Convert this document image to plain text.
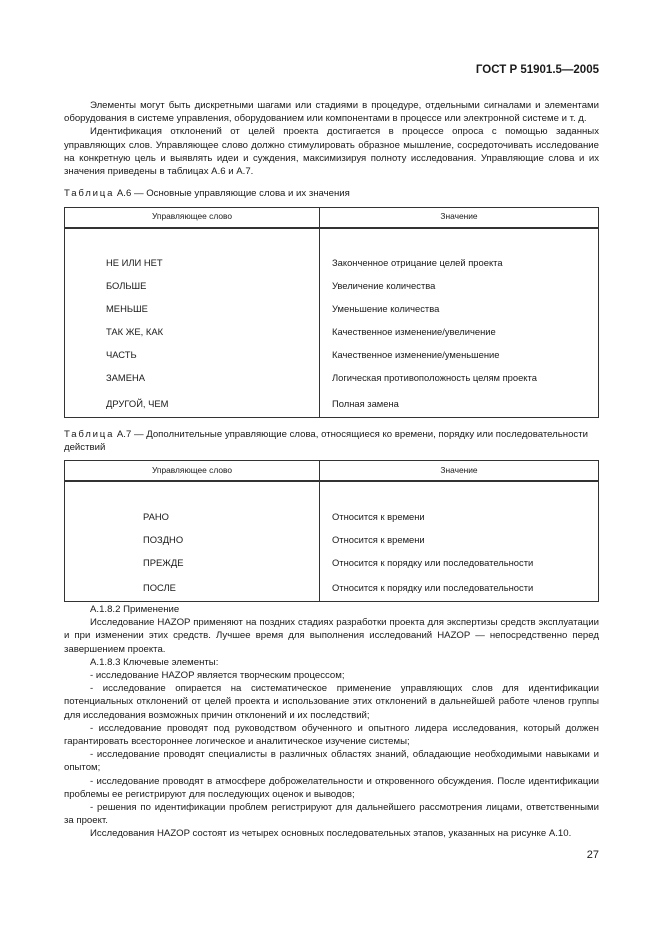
ГОСТ Р 51901.5—2005

Элементы могут быть дискретными шагами или стадиями в процедуре, отдельными сигналами и элементами оборудования в системе управления, оборудованием или компонентами в процессе или электронной системе и т. д.

Идентификация отклонений от целей проекта достигается в процессе опроса с помощью заданных управляющих слов. Управляющее слово должно стимулировать образное мышление, сосредоточивать исследование на конкретную цель и выявлять идеи и суждения, максимизируя полноту исследования. Управляющие слова и их значения приведены в таблицах А.6 и А.7.

Таблица А.6 — Основные управляющие слова и их значения

Управляющее слово	Значение

НЕ ИЛИ НЕТ	Законченное отрицание целей проекта
БОЛЬШЕ	Увеличение количества
МЕНЬШЕ	Уменьшение количества
ТАК ЖЕ, КАК	Качественное изменение/увеличение
ЧАСТЬ	Качественное изменение/уменьшение
ЗАМЕНА	Логическая противоположность целям проекта
ДРУГОЙ, ЧЕМ	Полная замена

Таблица А.7 — Дополнительные управляющие слова, относящиеся ко времени, порядку или последовательности действий

Управляющее слово	Значение

РАНО	Относится к времени
ПОЗДНО	Относится к времени
ПРЕЖДЕ	Относится к порядку или последовательности
ПОСЛЕ	Относится к порядку или последовательности

А.1.8.2 Применение

Исследование HAZOP применяют на поздних стадиях разработки проекта для экспертизы средств эксплуатации и при изменении этих средств. Лучшее время для выполнения исследований HAZOP — непосредственно перед завершением проекта.

А.1.8.3 Ключевые элементы:

- исследование HAZOP является творческим процессом;

- исследование опирается на систематическое применение управляющих слов для идентификации потенциальных отклонений от целей проекта и использование этих отклонений в дальнейшей работе членов группы для исследования возможных причин отклонений и их последствий;

- исследование проводят под руководством обученного и опытного лидера исследования, который должен гарантировать всестороннее логическое и аналитическое изучение системы;

- исследование проводят специалисты в различных областях знаний, обладающие необходимыми навыками и опытом;

- исследование проводят в атмосфере доброжелательности и откровенного обсуждения. После идентификации проблемы ее регистрируют для последующих оценок и выводов;

- решения по идентификации проблем регистрируют для дальнейшего рассмотрения лицами, ответственными за проект.

Исследования HAZOP состоят из четырех основных последовательных этапов, указанных на рисунке А.10.

27
